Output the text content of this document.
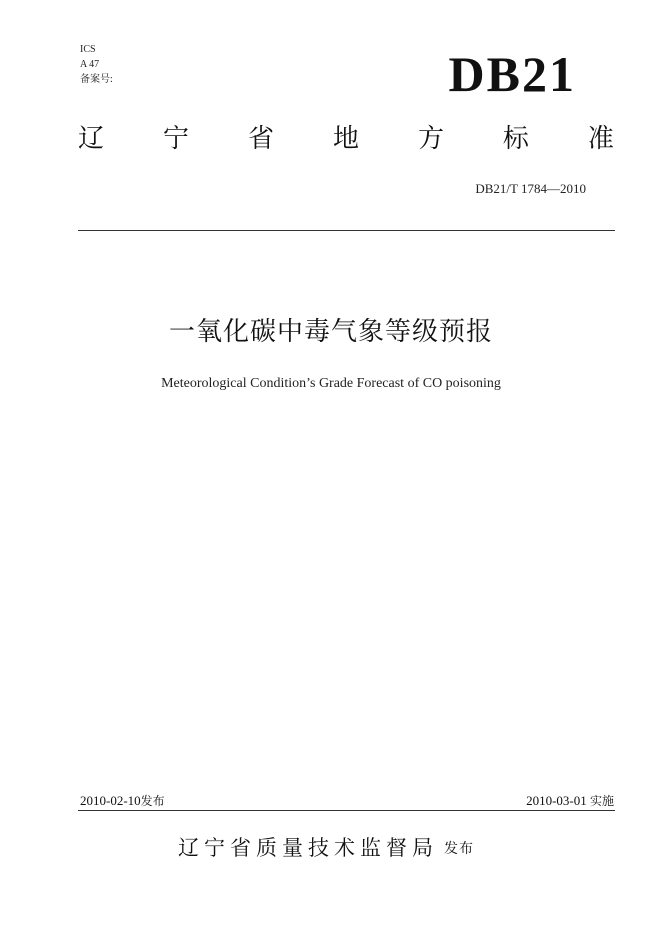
ICS
A 47
备案号:	DB21
辽 宁 省 地 方 标 准
DB21/T 1784—2010
一氧化碳中毒气象等级预报
Meteorological Condition’s Grade Forecast of CO poisoning
2010-02-10发布	2010-03-01 实施
辽宁省质量技术监督局 发布
